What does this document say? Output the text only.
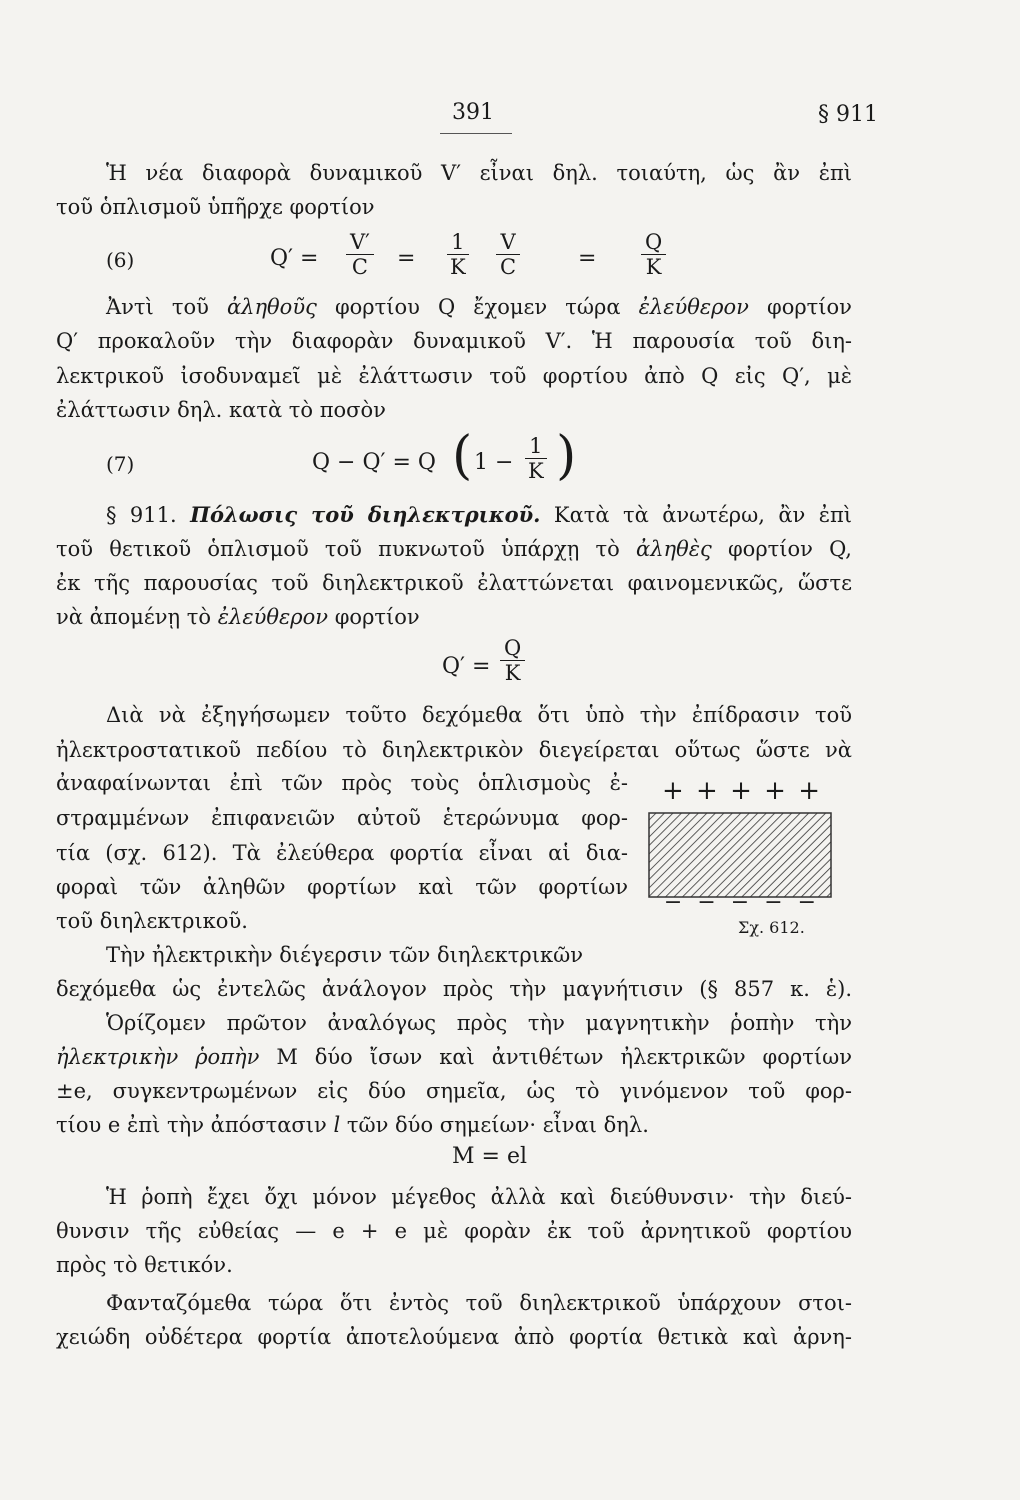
391	§ 911
Ἡ νέα διαφορὰ δυναμικοῦ V′ εἶναι δηλ. τοιαύτη, ὡς ἂν ἐπὶ
τοῦ ὁπλισμοῦ ὑπῆρχε φορτίον
(6)	$Q' = \frac{V'}{C} = \frac{1}{K} \frac{V}{C}$	= $\frac{Q}{K}$
Ἀντὶ τοῦ ἀληθοῦς φορτίου Q ἔχομεν τώρα ἐλεύθερον φορτίον
Q′ προκαλοῦν τὴν διαφορὰν δυναμικοῦ V′. Ἡ παρουσία τοῦ διη-
λεκτρικοῦ ἰσοδυναμεῖ μὲ ἐλάττωσιν τοῦ φορτίου ἀπὸ Q εἰς Q′, μὲ
ἐλάττωσιν δηλ. κατὰ τὸ ποσὸν
(7)	Q − Q′ = Q ( $1 - \frac{1}{K}$ )
§ 911. Πόλωσις τοῦ διηλεκτρικοῦ. Κατὰ τὰ ἀνωτέρω, ἂν ἐπὶ
τοῦ θετικοῦ ὁπλισμοῦ τοῦ πυκνωτοῦ ὑπάρχῃ τὸ ἀληθὲς φορτίον Q,
ἐκ τῆς παρουσίας τοῦ διηλεκτρικοῦ ἐλαττώνεται φαινομενικῶς, ὥστε
νὰ ἀπομένῃ τὸ ἐλεύθερον φορτίον
$Q' = \frac{Q}{K}$
Διὰ νὰ ἐξηγήσωμεν τοῦτο δεχόμεθα ὅτι ὑπὸ τὴν ἐπίδρασιν τοῦ
ἠλεκτροστατικοῦ πεδίου τὸ διηλεκτρικὸν διεγείρεται οὕτως ὥστε νὰ
ἀναφαίνωνται ἐπὶ τῶν πρὸς τοὺς ὁπλισμοὺς ἐ-
στραμμένων ἐπιφανειῶν αὐτοῦ ἑτερώνυμα φορ-
τία (σχ. 612). Τὰ ἐλεύθερα φορτία εἶναι αἱ δια-
φοραὶ τῶν ἀληθῶν φορτίων καὶ τῶν φορτίων
τοῦ διηλεκτρικοῦ.
+ + + + +
− − − − −
Σχ. 612.
Τὴν ἠλεκτρικὴν διέγερσιν τῶν διηλεκτρικῶν
δεχόμεθα ὡς ἐντελῶς ἀνάλογον πρὸς τὴν μαγνήτισιν (§ 857 κ. ἑ).
Ὁρίζομεν πρῶτον ἀναλόγως πρὸς τὴν μαγνητικὴν ῥοπὴν τὴν
ἠλεκτρικὴν ῥοπὴν M δύο ἴσων καὶ ἀντιθέτων ἠλεκτρικῶν φορτίων
±e, συγκεντρωμένων εἰς δύο σημεῖα, ὡς τὸ γινόμενον τοῦ φορ-
τίου e ἐπὶ τὴν ἀπόστασιν l τῶν δύο σημείων· εἶναι δηλ.
M = el
Ἡ ῥοπὴ ἔχει ὄχι μόνον μέγεθος ἀλλὰ καὶ διεύθυνσιν· τὴν διεύ-
θυνσιν τῆς εὐθείας — e + e μὲ φορὰν ἐκ τοῦ ἀρνητικοῦ φορτίου
πρὸς τὸ θετικόν.
Φανταζόμεθα τώρα ὅτι ἐντὸς τοῦ διηλεκτρικοῦ ὑπάρχουν στοι-
χειώδη οὐδέτερα φορτία ἀποτελούμενα ἀπὸ φορτία θετικὰ καὶ ἀρνη-
